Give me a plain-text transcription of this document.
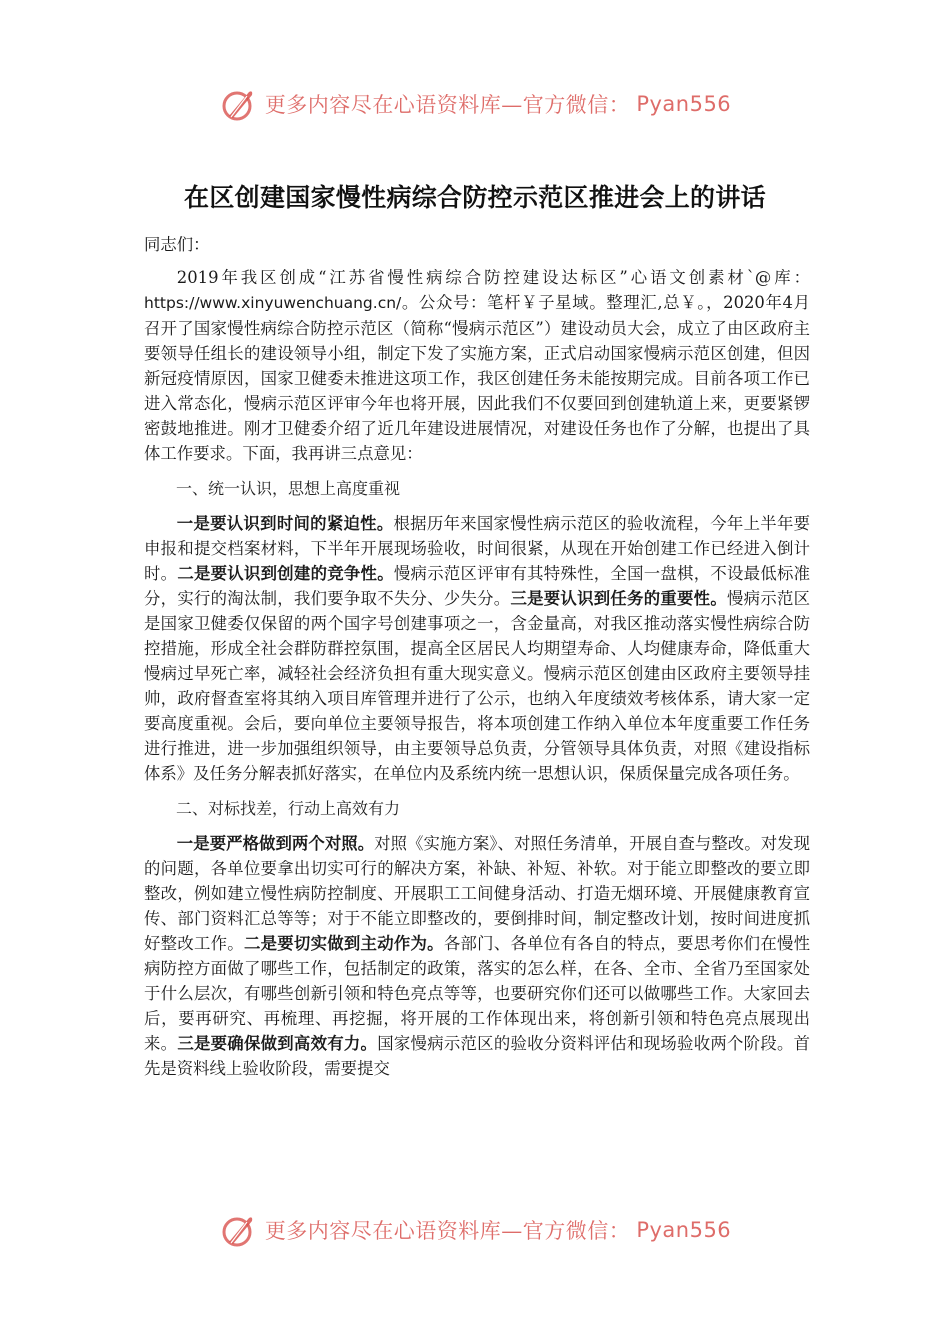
更多内容尽在心语资料库—官方微信： Pyan556
在区创建国家慢性病综合防控示范区推进会上的讲话

同志们：

2019年我区创成“江苏省慢性病综合防控建设达标区”心语文创素材`@库：https://www.xinyuwenchuang.cn/。公众号：笔杆￥子星域。整理汇,总￥。，2020年4月召开了国家慢性病综合防控示范区（简称“慢病示范区”）建设动员大会，成立了由区政府主要领导任组长的建设领导小组，制定下发了实施方案，正式启动国家慢病示范区创建，但因新冠疫情原因，国家卫健委未推进这项工作，我区创建任务未能按期完成。目前各项工作已进入常态化，慢病示范区评审今年也将开展，因此我们不仅要回到创建轨道上来，更要紧锣密鼓地推进。刚才卫健委介绍了近几年建设进展情况，对建设任务也作了分解，也提出了具体工作要求。下面，我再讲三点意见：

一、统一认识，思想上高度重视

一是要认识到时间的紧迫性。根据历年来国家慢性病示范区的验收流程，今年上半年要申报和提交档案材料，下半年开展现场验收，时间很紧，从现在开始创建工作已经进入倒计时。二是要认识到创建的竞争性。慢病示范区评审有其特殊性，全国一盘棋，不设最低标准分，实行的淘汰制，我们要争取不失分、少失分。三是要认识到任务的重要性。慢病示范区是国家卫健委仅保留的两个国字号创建事项之一，含金量高，对我区推动落实慢性病综合防控措施，形成全社会群防群控氛围，提高全区居民人均期望寿命、人均健康寿命，降低重大慢病过早死亡率，减轻社会经济负担有重大现实意义。慢病示范区创建由区政府主要领导挂帅，政府督查室将其纳入项目库管理并进行了公示，也纳入年度绩效考核体系，请大家一定要高度重视。会后，要向单位主要领导报告，将本项创建工作纳入单位本年度重要工作任务进行推进，进一步加强组织领导，由主要领导总负责，分管领导具体负责，对照《建设指标体系》及任务分解表抓好落实，在单位内及系统内统一思想认识，保质保量完成各项任务。

二、对标找差，行动上高效有力

一是要严格做到两个对照。对照《实施方案》、对照任务清单，开展自查与整改。对发现的问题，各单位要拿出切实可行的解决方案，补缺、补短、补软。对于能立即整改的要立即整改，例如建立慢性病防控制度、开展职工工间健身活动、打造无烟环境、开展健康教育宣传、部门资料汇总等等；对于不能立即整改的，要倒排时间，制定整改计划，按时间进度抓好整改工作。二是要切实做到主动作为。各部门、各单位有各自的特点，要思考你们在慢性病防控方面做了哪些工作，包括制定的政策，落实的怎么样，在各、全市、全省乃至国家处于什么层次，有哪些创新引领和特色亮点等等，也要研究你们还可以做哪些工作。大家回去后，要再研究、再梳理、再挖掘，将开展的工作体现出来，将创新引领和特色亮点展现出来。三是要确保做到高效有力。国家慢病示范区的验收分资料评估和现场验收两个阶段。首先是资料线上验收阶段，需要提交

更多内容尽在心语资料库—官方微信： Pyan556
